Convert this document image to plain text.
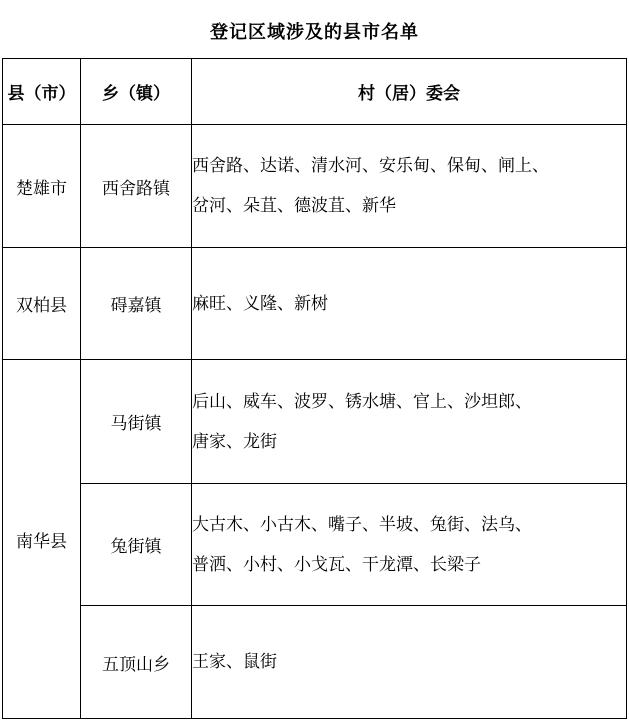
登记区域涉及的县市名单
县（市）	乡（镇）	村（居）委会
楚雄市	西舍路镇	西舍路、达诺、清水河、安乐甸、保甸、闸上、
岔河、朵苴、德波苴、新华

双柏县	碍嘉镇	麻旺、义隆、新树

南华县	马街镇	后山、威车、波罗、锈水塘、官上、沙坦郎、
唐家、龙街

	兔街镇	大古木、小古木、嘴子、半坡、兔街、法乌、
普洒、小村、小戈瓦、干龙潭、长梁子

	五顶山乡	王家、鼠街
